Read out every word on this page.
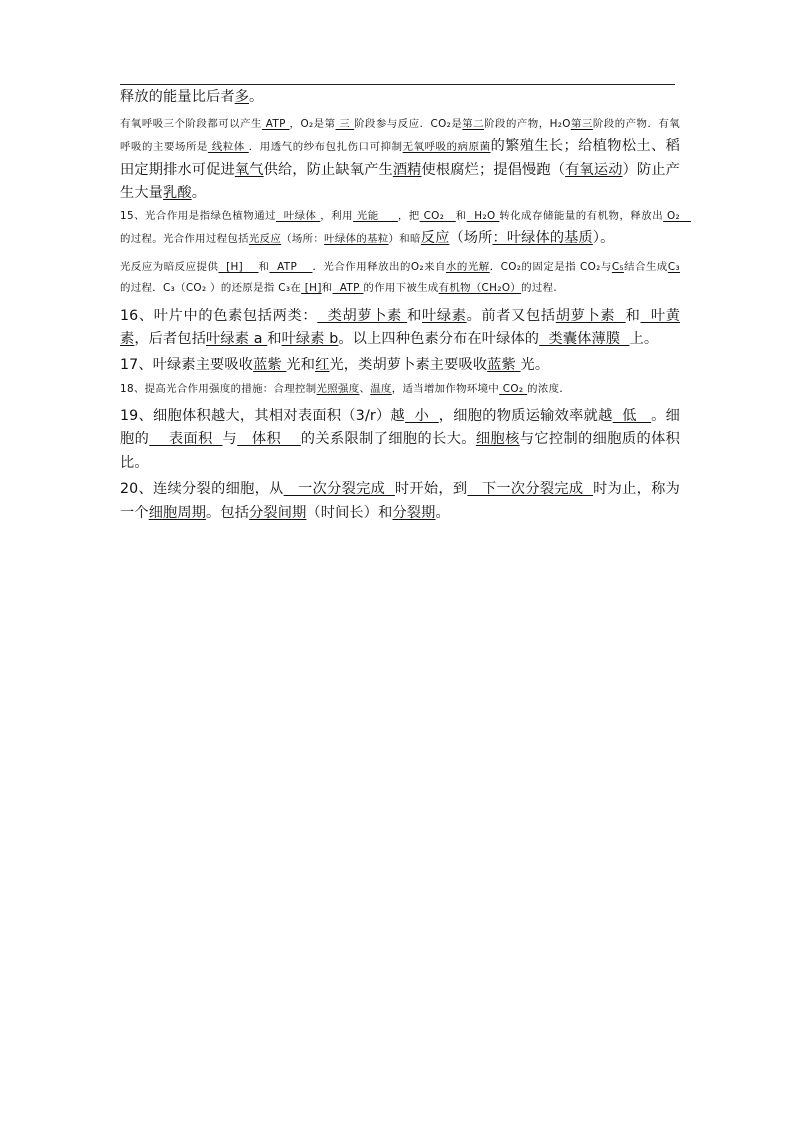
释放的能量比后者多。

有氧呼吸三个阶段都可以产生 ATP ，O₂是第 三 阶段参与反应．CO₂是第二阶段的产物，H₂O第三阶段的产物．有氧呼吸的主要场所是 线粒体 ．用透气的纱布包扎伤口可抑制无氧呼吸的病原菌的繁殖生长；给植物松土、稻田定期排水可促进氧气供给，防止缺氧产生酒精使根腐烂；提倡慢跑（有氧运动）防止产生大量乳酸。

15、光合作用是指绿色植物通过  叶绿体 ，利用 光能     ，把 CO₂   和  H₂O 转化成存储能量的有机物，释放出 O₂   的过程。光合作用过程包括光反应（场所：叶绿体的基粒）和暗反应（场所：叶绿体的基质）。

光反应为暗反应提供  [H]    和  ATP    ．光合作用释放出的O₂来自水的光解．CO₂的固定是指 CO₂与C₅结合生成C₃的过程．C₃（CO₂ ）的还原是指 C₃在 [H]和  ATP 的作用下被生成有机物（CH₂O）的过程．

16、叶片中的色素包括两类：  类胡萝卜素 和叶绿素。前者又包括胡萝卜素  和  叶黄素，后者包括叶绿素 a 和叶绿素 b。以上四种色素分布在叶绿体的  类囊体薄膜  上。

17、叶绿素主要吸收蓝紫 光和红光，类胡萝卜素主要吸收蓝紫 光。

18、提高光合作用强度的措施：合理控制光照强度、温度，适当增加作物环境中 CO₂ 的浓度．

19、细胞体积越大，其相对表面积（3/r）越  小  ，细胞的物质运输效率就越  低   。细胞的    表面积  与   体积    的关系限制了细胞的长大。细胞核与它控制的细胞质的体积比。

20、连续分裂的细胞，从   一次分裂完成  时开始，到   下一次分裂完成  时为止，称为一个细胞周期。包括分裂间期（时间长）和分裂期。
